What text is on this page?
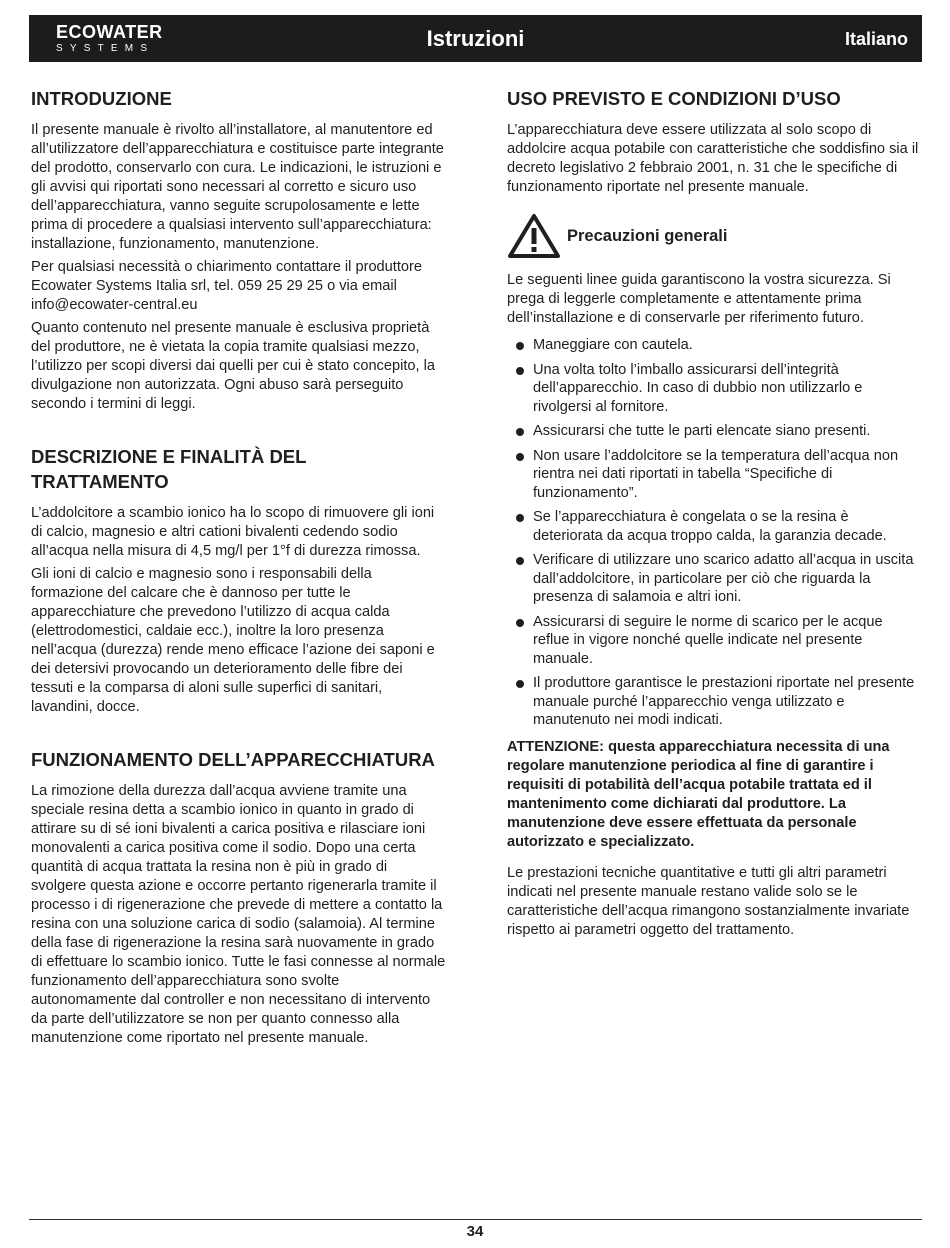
ECOWATER
SYSTEMS	Istruzioni	Italiano
INTRODUZIONE

Il presente manuale è rivolto all’installatore, al manutentore ed all’utilizzatore dell’apparecchiatura e costituisce parte integrante del prodotto, conservarlo con cura. Le indicazioni, le istruzioni e gli avvisi qui riportati sono necessari al corretto e sicuro uso dell’apparecchiatura, vanno seguite scrupolosamente e lette prima di procedere a qualsiasi intervento sull’apparecchiatura: installazione, funzionamento, manutenzione.

Per qualsiasi necessità o chiarimento contattare il produttore Ecowater Systems Italia srl, tel. 059 25 29 25 o via email info@ecowater-central.eu

Quanto contenuto nel presente manuale è esclusiva proprietà del produttore, ne è vietata la copia tramite qualsiasi mezzo, l’utilizzo per scopi diversi dai quelli per cui è stato concepito, la divulgazione non autorizzata. Ogni abuso sarà perseguito secondo i termini di leggi.

DESCRIZIONE E FINALITÀ DEL TRATTAMENTO

L’addolcitore a scambio ionico ha lo scopo di rimuovere gli ioni di calcio, magnesio e altri cationi bivalenti cedendo sodio all’acqua nella misura di 4,5 mg/l per 1°f di durezza rimossa.

Gli ioni di calcio e magnesio sono i responsabili della formazione del calcare che è dannoso per tutte le apparecchiature che prevedono l’utilizzo di acqua calda (elettrodomestici, caldaie ecc.), inoltre la loro presenza nell’acqua (durezza) rende meno efficace l’azione dei saponi e dei detersivi provocando un deterioramento delle fibre dei tessuti e la comparsa di aloni sulle superfici di sanitari, lavandini, docce.

FUNZIONAMENTO DELL’APPARECCHIATURA

La rimozione della durezza dall’acqua avviene tramite una speciale resina detta a scambio ionico in quanto in grado di attirare su di sé ioni bivalenti a carica positiva e rilasciare ioni monovalenti a carica positiva come il sodio. Dopo una certa quantità di acqua trattata la resina non è più in grado di svolgere questa azione e occorre pertanto rigenerarla tramite il processo i di rigenerazione che prevede di mettere a contatto la resina con una soluzione carica di sodio (salamoia). Al termine della fase di rigenerazione la resina sarà nuovamente in grado di effettuare lo scambio ionico. Tutte le fasi connesse al normale funzionamento dell’apparecchiatura sono svolte autonomamente dal controller e non necessitano di intervento da parte dell’utilizzatore se non per quanto connesso alla manutenzione come riportato nel presente manuale.

USO PREVISTO E CONDIZIONI D’USO

L’apparecchiatura deve essere utilizzata al solo scopo di addolcire acqua potabile con caratteristiche che soddisfino sia il decreto legislativo 2 febbraio 2001, n. 31 che le specifiche di funzionamento riportate nel presente manuale.

Precauzioni generali

Le seguenti linee guida garantiscono la vostra sicurezza. Si prega di leggerle completamente e attentamente prima dell’installazione e di conservarle per riferimento futuro.

Maneggiare con cautela.
Una volta tolto l’imballo assicurarsi dell’integrità dell’apparecchio. In caso di dubbio non utilizzarlo e rivolgersi al fornitore.
Assicurarsi che tutte le parti elencate siano presenti.
Non usare l’addolcitore se la temperatura dell’acqua non rientra nei dati riportati in tabella “Specifiche di funzionamento”.
Se l’apparecchiatura è congelata o se la resina è deteriorata da acqua troppo calda, la garanzia decade.
Verificare di utilizzare uno scarico adatto all’acqua in uscita dall’addolcitore, in particolare per ciò che riguarda la presenza di salamoia e altri ioni.
Assicurarsi di seguire le norme di scarico per le acque reflue in vigore nonché quelle indicate nel presente manuale.
Il produttore garantisce le prestazioni riportate nel presente manuale purché l’apparecchio venga utilizzato e manutenuto nei modi indicati.

ATTENZIONE: questa apparecchiatura necessita di una regolare manutenzione periodica al fine di garantire i requisiti di potabilità dell’acqua potabile trattata ed il mantenimento come dichiarati dal produttore. La manutenzione deve essere effettuata da personale autorizzato e specializzato.

Le prestazioni tecniche quantitative e tutti gli altri parametri indicati nel presente manuale restano valide solo se le caratteristiche dell’acqua rimangono sostanzialmente invariate rispetto ai parametri oggetto del trattamento.

34
